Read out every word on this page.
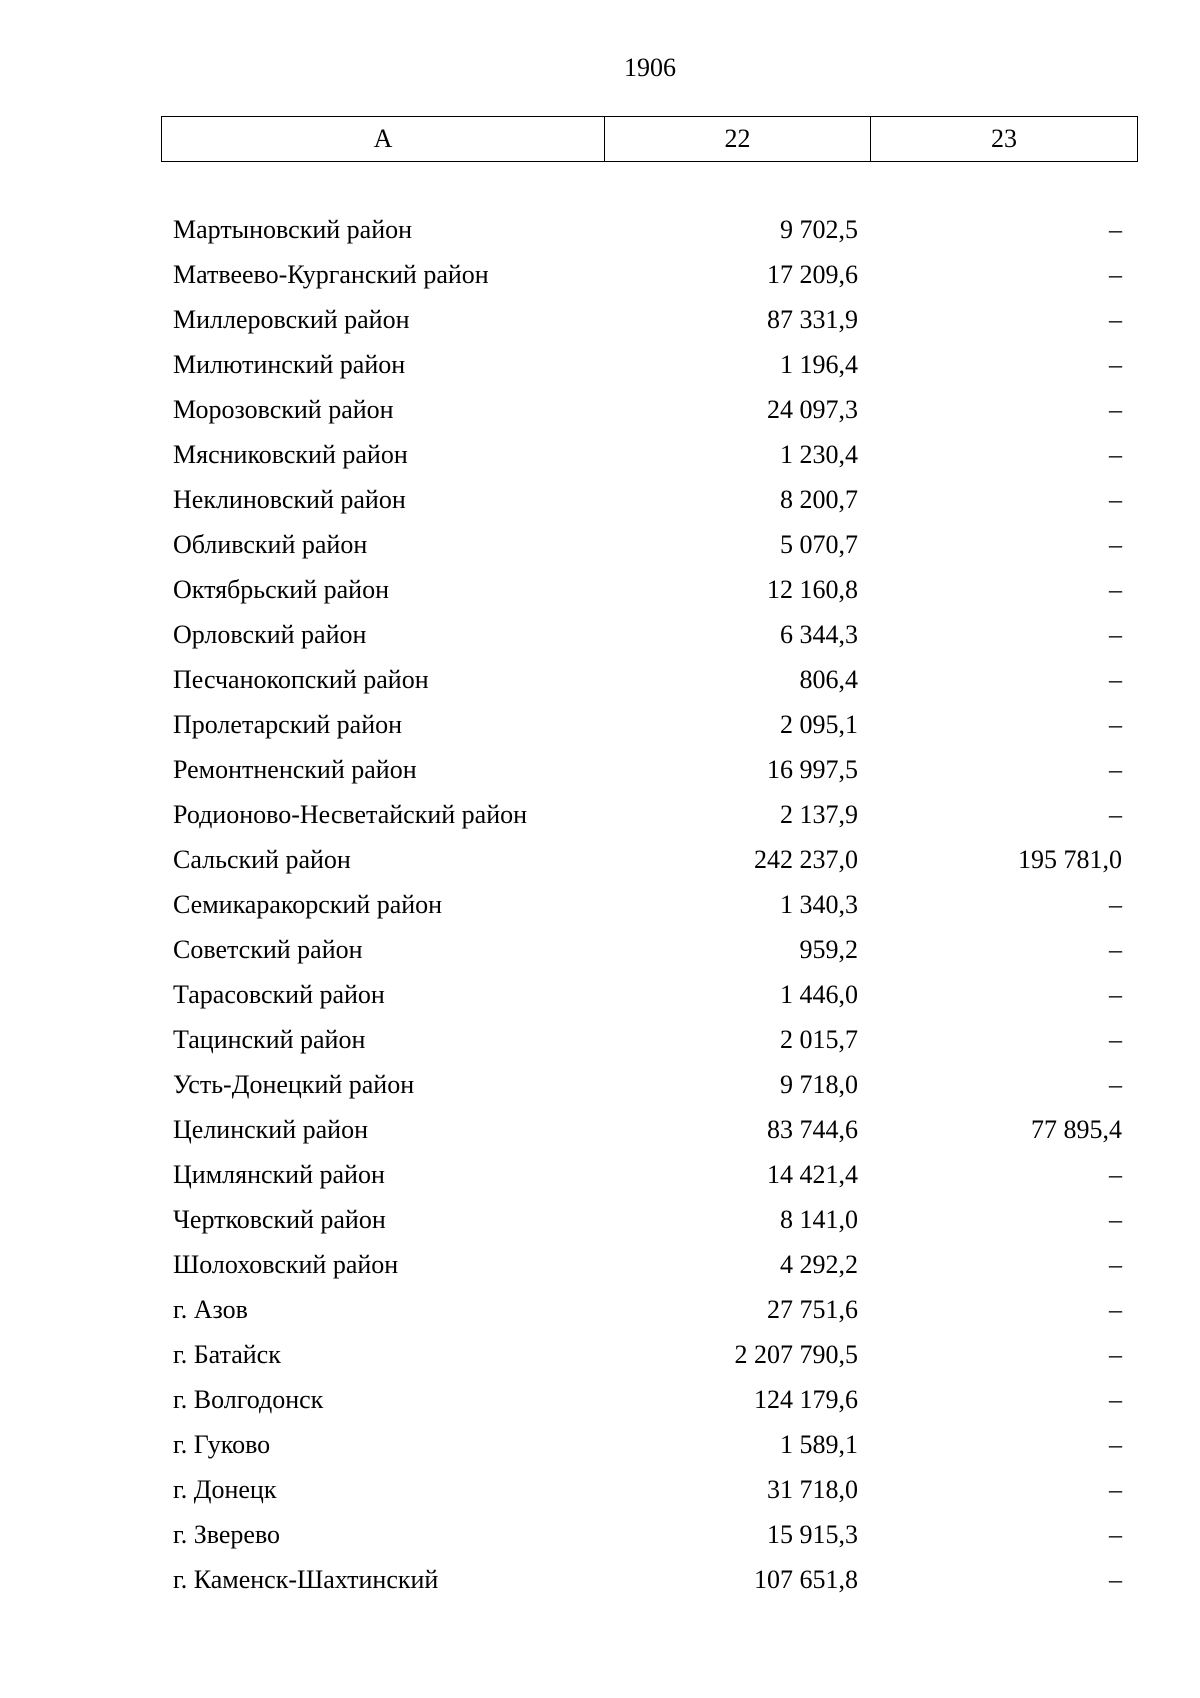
1906
А	22	23
Мартыновский район	9 702,5	–
Матвеево-Курганский район	17 209,6	–
Миллеровский район	87 331,9	–
Милютинский район	1 196,4	–
Морозовский район	24 097,3	–
Мясниковский район	1 230,4	–
Неклиновский район	8 200,7	–
Обливский район	5 070,7	–
Октябрьский район	12 160,8	–
Орловский район	6 344,3	–
Песчанокопский район	806,4	–
Пролетарский район	2 095,1	–
Ремонтненский район	16 997,5	–
Родионово-Несветайский район	2 137,9	–
Сальский район	242 237,0	195 781,0
Семикаракорский район	1 340,3	–
Советский район	959,2	–
Тарасовский район	1 446,0	–
Тацинский район	2 015,7	–
Усть-Донецкий район	9 718,0	–
Целинский район	83 744,6	77 895,4
Цимлянский район	14 421,4	–
Чертковский район	8 141,0	–
Шолоховский район	4 292,2	–
г. Азов	27 751,6	–
г. Батайск	2 207 790,5	–
г. Волгодонск	124 179,6	–
г. Гуково	1 589,1	–
г. Донецк	31 718,0	–
г. Зверево	15 915,3	–
г. Каменск-Шахтинский	107 651,8	–
